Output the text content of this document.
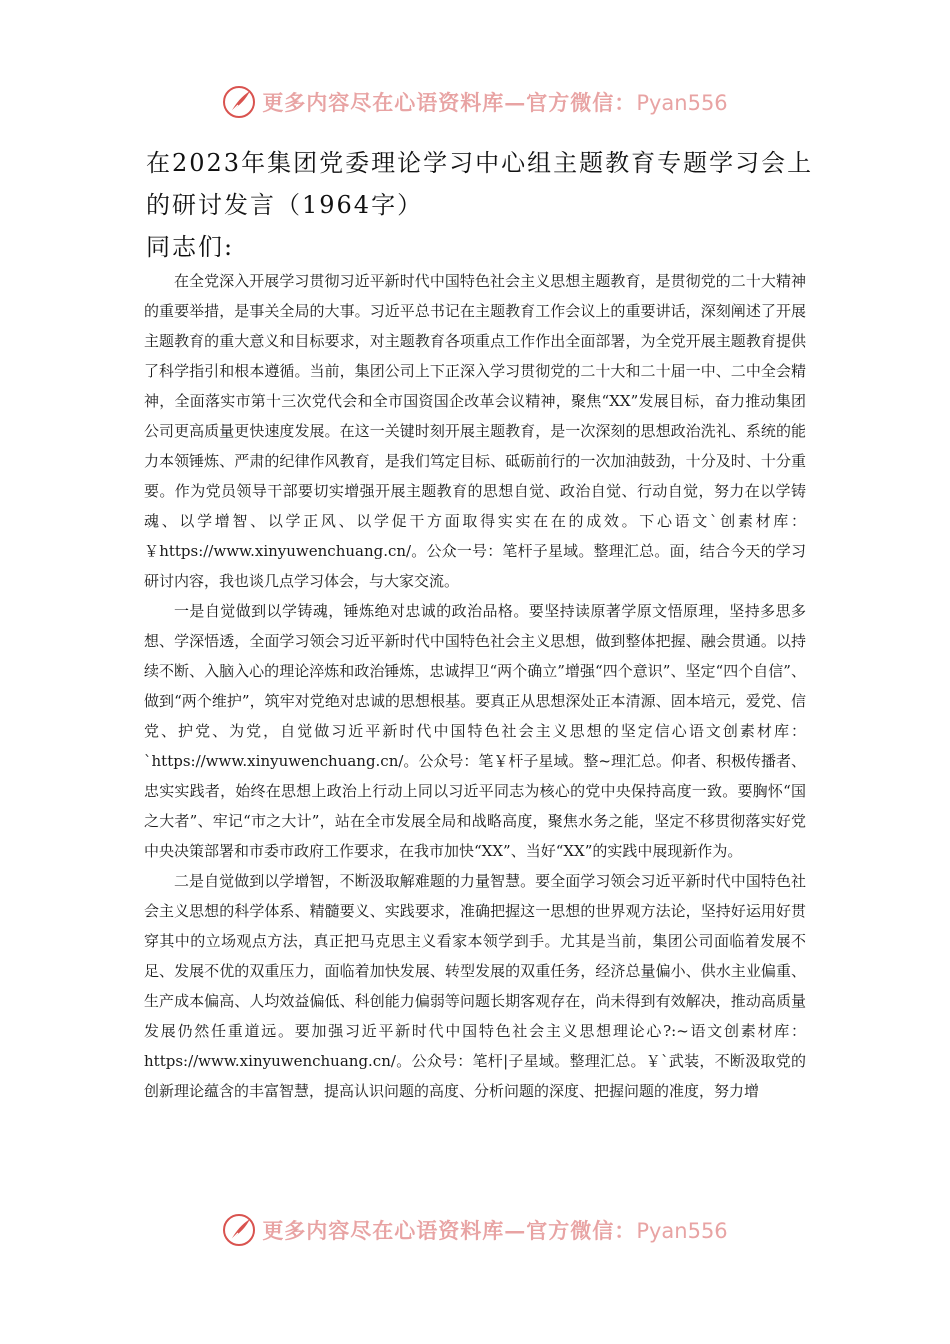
更多内容尽在心语资料库—官方微信：Pyan556
在2023年集团党委理论学习中心组主题教育专题学习会上的研讨发言（1964字）
同志们:

在全党深入开展学习贯彻习近平新时代中国特色社会主义思想主题教育，是贯彻党的二十大精神的重要举措，是事关全局的大事。习近平总书记在主题教育工作会议上的重要讲话，深刻阐述了开展主题教育的重大意义和目标要求，对主题教育各项重点工作作出全面部署，为全党开展主题教育提供了科学指引和根本遵循。当前，集团公司上下正深入学习贯彻党的二十大和二十届一中、二中全会精神，全面落实市第十三次党代会和全市国资国企改革会议精神，聚焦“XX”发展目标，奋力推动集团公司更高质量更快速度发展。在这一关键时刻开展主题教育，是一次深刻的思想政治洗礼、系统的能力本领锤炼、严肃的纪律作风教育，是我们笃定目标、砥砺前行的一次加油鼓劲，十分及时、十分重要。作为党员领导干部要切实增强开展主题教育的思想自觉、政治自觉、行动自觉，努力在以学铸魂、以学增智、以学正风、以学促干方面取得实实在在的成效。下心语文`创素材库：￥https://www.xinyuwenchuang.cn/。公众一号：笔杆子星域。整理汇总。面，结合今天的学习研讨内容，我也谈几点学习体会，与大家交流。

一是自觉做到以学铸魂，锤炼绝对忠诚的政治品格。要坚持读原著学原文悟原理，坚持多思多想、学深悟透，全面学习领会习近平新时代中国特色社会主义思想，做到整体把握、融会贯通。以持续不断、入脑入心的理论淬炼和政治锤炼，忠诚捍卫“两个确立”增强“四个意识”、坚定“四个自信”、做到“两个维护”，筑牢对党绝对忠诚的思想根基。要真正从思想深处正本清源、固本培元，爱党、信党、护党、为党，自觉做习近平新时代中国特色社会主义思想的坚定信心语文创素材库：`https://www.xinyuwenchuang.cn/。公众号：笔￥杆子星域。整~理汇总。仰者、积极传播者、忠实实践者，始终在思想上政治上行动上同以习近平同志为核心的党中央保持高度一致。要胸怀“国之大者”、牢记“市之大计”，站在全市发展全局和战略高度，聚焦水务之能，坚定不移贯彻落实好党中央决策部署和市委市政府工作要求，在我市加快“XX”、当好“XX”的实践中展现新作为。

二是自觉做到以学增智，不断汲取解难题的力量智慧。要全面学习领会习近平新时代中国特色社会主义思想的科学体系、精髓要义、实践要求，准确把握这一思想的世界观方法论，坚持好运用好贯穿其中的立场观点方法，真正把马克思主义看家本领学到手。尤其是当前，集团公司面临着发展不足、发展不优的双重压力，面临着加快发展、转型发展的双重任务，经济总量偏小、供水主业偏重、生产成本偏高、人均效益偏低、科创能力偏弱等问题长期客观存在，尚未得到有效解决，推动高质量发展仍然任重道远。要加强习近平新时代中国特色社会主义思想理论心?:~语文创素材库：https://www.xinyuwenchuang.cn/。公众号：笔杆|子星域。整理汇总。￥`武装，不断汲取党的创新理论蕴含的丰富智慧，提高认识问题的高度、分析问题的深度、把握问题的准度，努力增

更多内容尽在心语资料库—官方微信：Pyan556
